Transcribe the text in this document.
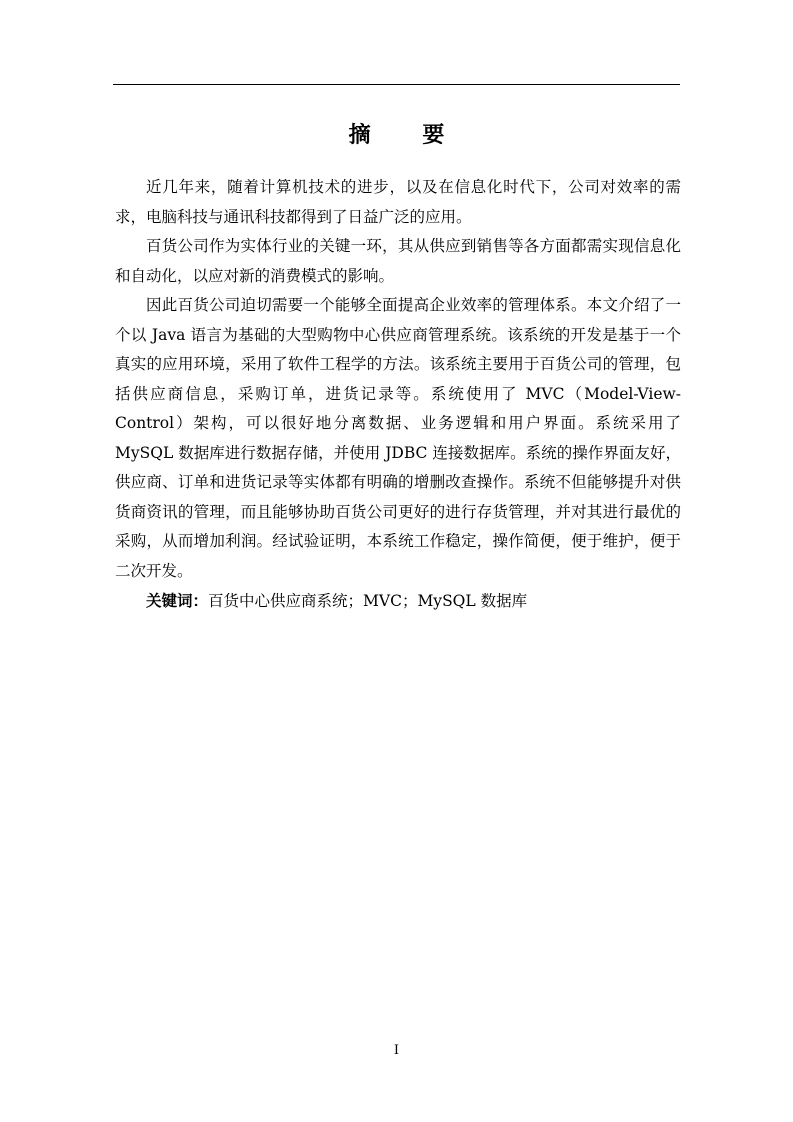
摘 要

近几年来，随着计算机技术的进步，以及在信息化时代下，公司对效率的需求，电脑科技与通讯科技都得到了日益广泛的应用。

百货公司作为实体行业的关键一环，其从供应到销售等各方面都需实现信息化和自动化，以应对新的消费模式的影响。

因此百货公司迫切需要一个能够全面提高企业效率的管理体系。本文介绍了一个以 Java 语言为基础的大型购物中心供应商管理系统。该系统的开发是基于一个真实的应用环境，采用了软件工程学的方法。该系统主要用于百货公司的管理，包括供应商信息，采购订单，进货记录等。系统使用了 MVC（Model-View-Control）架构，可以很好地分离数据、业务逻辑和用户界面。系统采用了 MySQL 数据库进行数据存储，并使用 JDBC 连接数据库。系统的操作界面友好，供应商、订单和进货记录等实体都有明确的增删改查操作。系统不但能够提升对供货商资讯的管理，而且能够协助百货公司更好的进行存货管理，并对其进行最优的采购，从而增加利润。经试验证明，本系统工作稳定，操作简便，便于维护，便于二次开发。

关键词：百货中心供应商系统；MVC；MySQL 数据库

I
